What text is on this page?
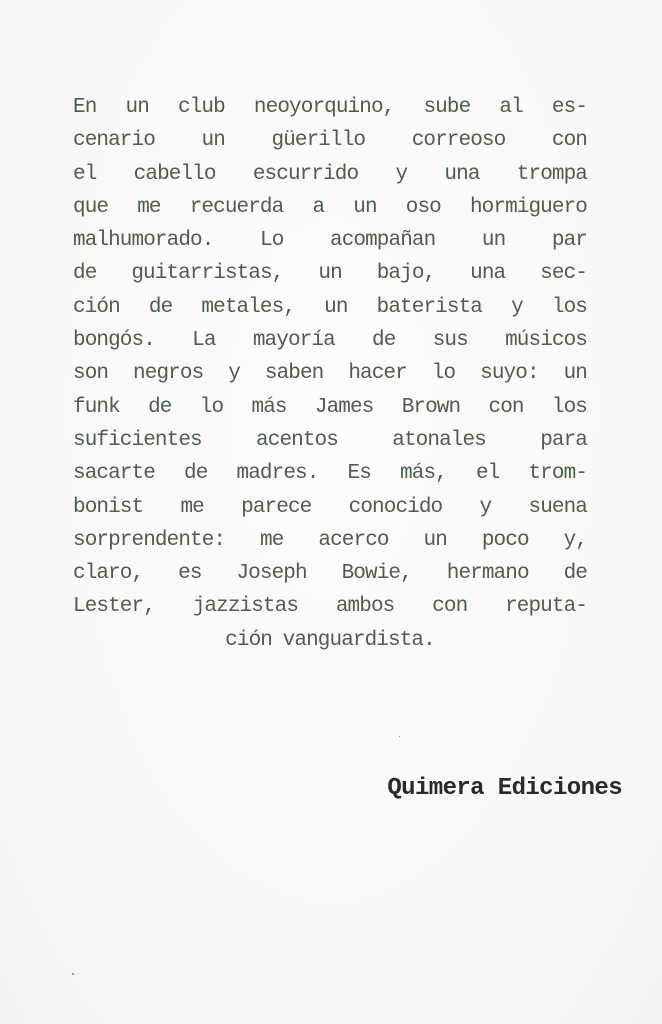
En un club neoyorquino, sube al es-
cenario un güerillo correoso con
el cabello escurrido y una trompa
que me recuerda a un oso hormiguero
malhumorado. Lo acompañan un par
de guitarristas, un bajo, una sec-
ción de metales, un baterista y los
bongós. La mayoría de sus músicos
son negros y saben hacer lo suyo: un
funk de lo más James Brown con los
suficientes acentos atonales para
sacarte de madres. Es más, el trom-
bonist me parece conocido y suena
sorprendente: me acerco un poco y,
claro, es Joseph Bowie, hermano de
Lester, jazzistas ambos con reputa-
ción vanguardista.
Quimera Ediciones
